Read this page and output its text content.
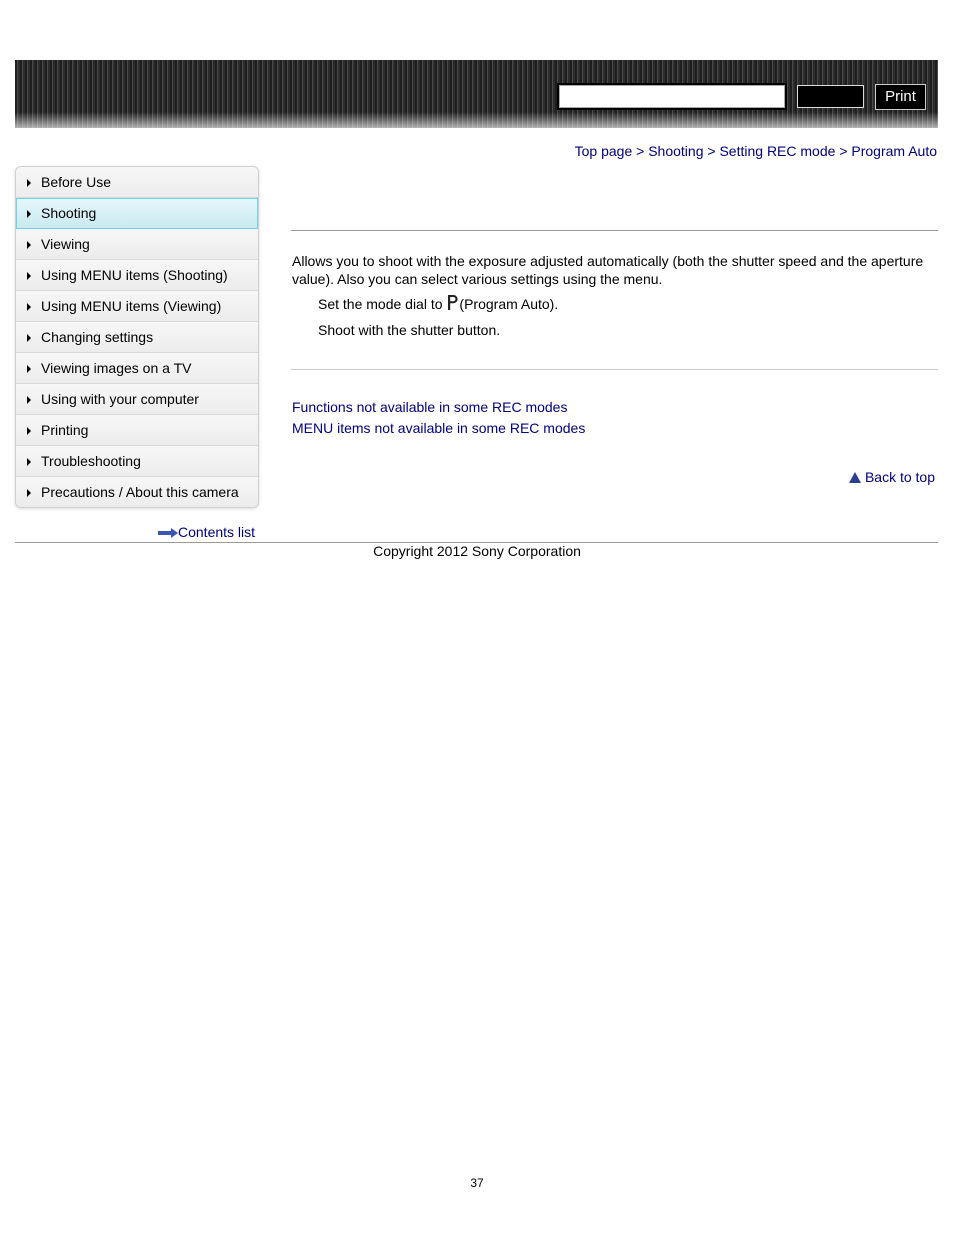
Print
Top page > Shooting > Setting REC mode > Program Auto
Before Use
Shooting
Viewing
Using MENU items (Shooting)
Using MENU items (Viewing)
Changing settings
Viewing images on a TV
Using with your computer
Printing
Troubleshooting
Precautions / About this camera
Contents list
Allows you to shoot with the exposure adjusted automatically (both the shutter speed and the aperture value). Also you can select various settings using the menu.
Set the mode dial to (Program Auto).
Shoot with the shutter button.
Functions not available in some REC modes
MENU items not available in some REC modes
Back to top
Copyright 2012 Sony Corporation
37
